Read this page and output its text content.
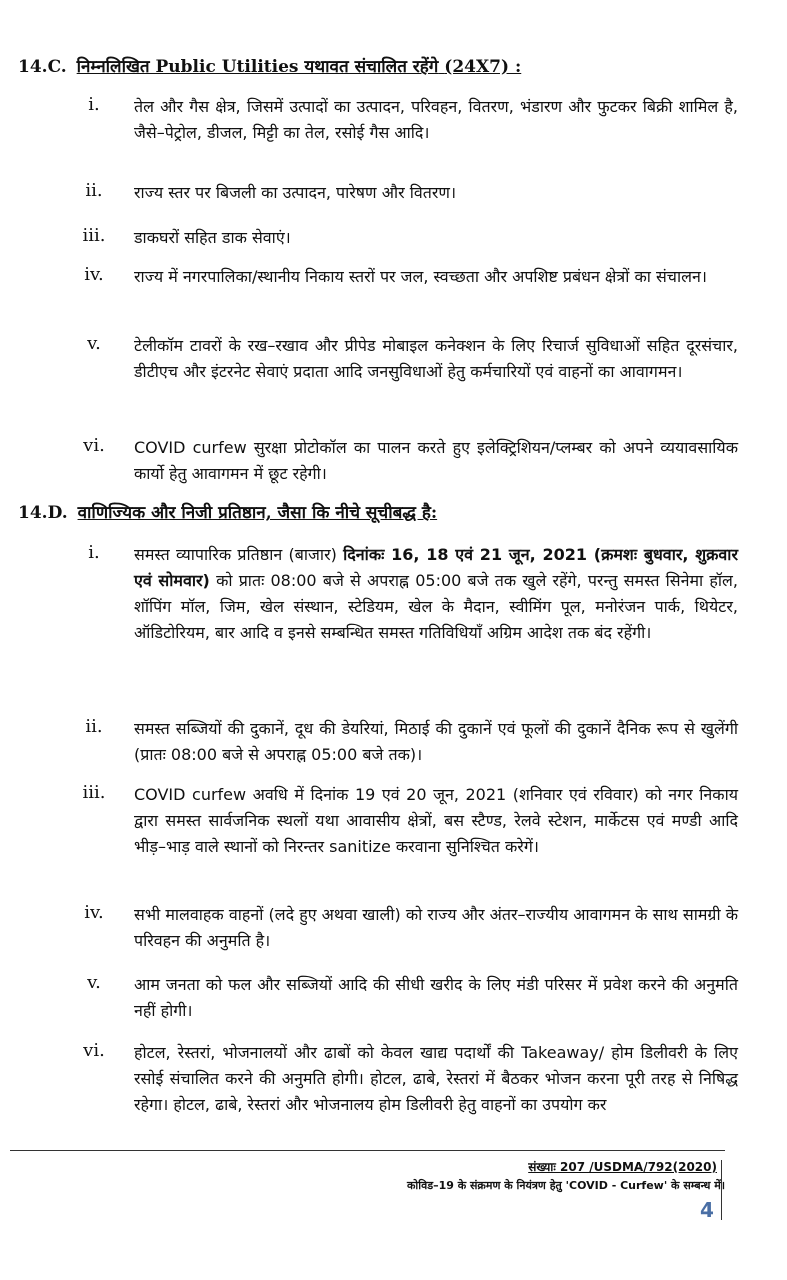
14.C. निम्नलिखित Public Utilities यथावत संचालित रहेंगे (24X7) :
i.	तेल और गैस क्षेत्र, जिसमें उत्पादों का उत्पादन, परिवहन, वितरण, भंडारण और फुटकर बिक्री शामिल है, जैसे–पेट्रोल, डीजल, मिट्टी का तेल, रसोई गैस आदि।
ii.	राज्य स्तर पर बिजली का उत्पादन, पारेषण और वितरण।
iii.	डाकघरों सहित डाक सेवाएं।
iv.	राज्य में नगरपालिका/स्थानीय निकाय स्तरों पर जल, स्वच्छता और अपशिष्ट प्रबंधन क्षेत्रों का संचालन।
v.	टेलीकॉम टावरों के रख–रखाव और प्रीपेड मोबाइल कनेक्शन के लिए रिचार्ज सुविधाओं सहित दूरसंचार, डीटीएच और इंटरनेट सेवाएं प्रदाता आदि जनसुविधाओं हेतु कर्मचारियों एवं वाहनों का आवागमन।
vi.	COVID curfew सुरक्षा प्रोटोकॉल का पालन करते हुए इलेक्ट्रिशियन/प्लम्बर को अपने व्ययावसायिक कार्यो हेतु आवागमन में छूट रहेगी।
14.D. वाणिज्यिक और निजी प्रतिष्ठान, जैसा कि नीचे सूचीबद्ध है:
i.	समस्त व्यापारिक प्रतिष्ठान (बाजार) दिनांकः 16, 18 एवं 21 जून, 2021 (क्रमशः बुधवार, शुक्रवार एवं सोमवार) को प्रातः 08:00 बजे से अपराह्न 05:00 बजे तक खुले रहेंगे, परन्तु समस्त सिनेमा हॉल, शॉपिंग मॉल, जिम, खेल संस्थान, स्टेडियम, खेल के मैदान, स्वीमिंग पूल, मनोरंजन पार्क, थियेटर, ऑडिटोरियम, बार आदि व इनसे सम्बन्धित समस्त गतिविधियाँ अग्रिम आदेश तक बंद रहेंगी।
ii.	समस्त सब्जियों की दुकानें, दूध की डेयरियां, मिठाई की दुकानें एवं फूलों की दुकानें दैनिक रूप से खुलेंगी (प्रातः 08:00 बजे से अपराह्न 05:00 बजे तक)।
iii.	COVID curfew अवधि में दिनांक 19 एवं 20 जून, 2021 (शनिवार एवं रविवार) को नगर निकाय द्वारा समस्त सार्वजनिक स्थलों यथा आवासीय क्षेत्रों, बस स्टैण्ड, रेलवे स्टेशन, मार्केटस एवं मण्डी आदि भीड़–भाड़ वाले स्थानों को निरन्तर sanitize करवाना सुनिश्चित करेगें।
iv.	सभी मालवाहक वाहनों (लदे हुए अथवा खाली) को राज्य और अंतर–राज्यीय आवागमन के साथ सामग्री के परिवहन की अनुमति है।
v.	आम जनता को फल और सब्जियों आदि की सीधी खरीद के लिए मंडी परिसर में प्रवेश करने की अनुमति नहीं होगी।
vi.	होटल, रेस्तरां, भोजनालयों और ढाबों को केवल खाद्य पदार्थों की Takeaway/ होम डिलीवरी के लिए रसोई संचालित करने की अनुमति होगी। होटल, ढाबे, रेस्तरां में बैठकर भोजन करना पूरी तरह से निषिद्ध रहेगा। होटल, ढाबे, रेस्तरां और भोजनालय होम डिलीवरी हेतु वाहनों का उपयोग कर
संख्याः 207 /USDMA/792(2020)
कोविड–19 के संक्रमण के नियंत्रण हेतु 'COVID - Curfew' के सम्बन्ध में।
4
